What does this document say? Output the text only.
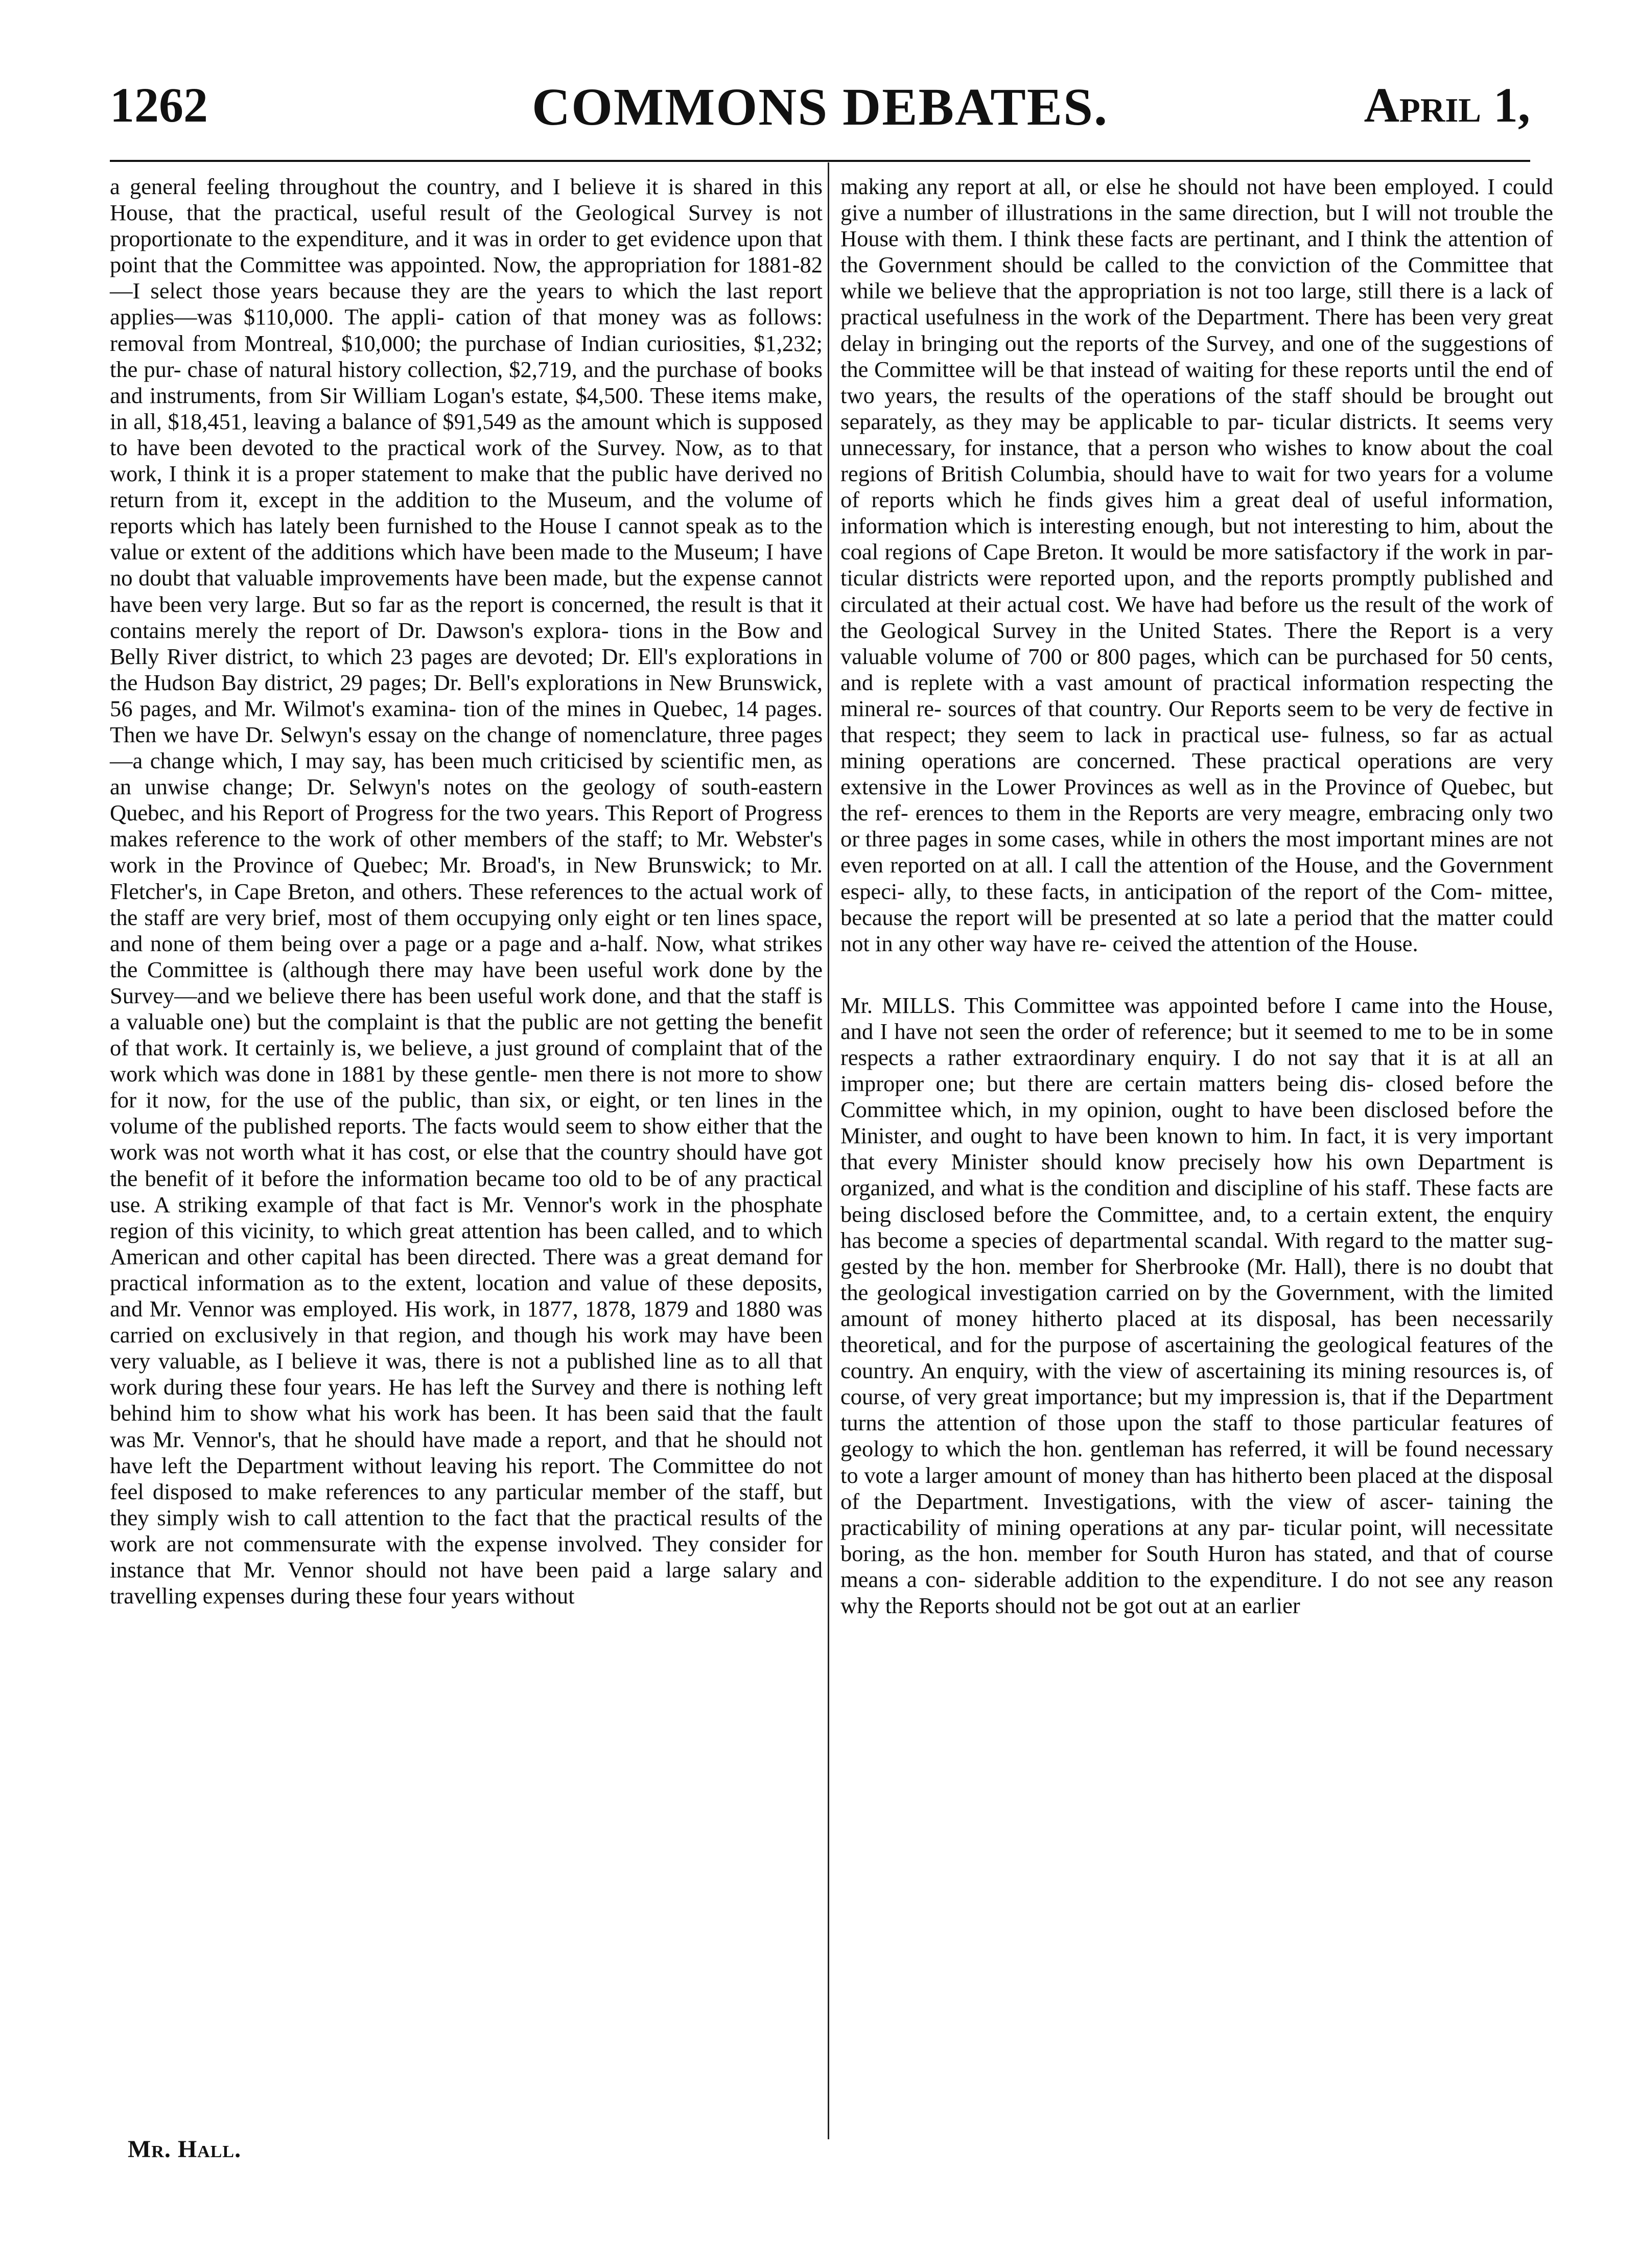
1262	COMMONS DEBATES.	April 1,

a general feeling throughout the country, and I believe it is shared in this House, that the practical, useful result of the Geological Survey is not proportionate to the expenditure, and it was in order to get evidence upon that point that the Committee was appointed. Now, the appropriation for 1881-82—I select those years because they are the years to which the last report applies—was $110,000. The appli- cation of that money was as follows: removal from Montreal, $10,000; the purchase of Indian curiosities, $1,232; the pur- chase of natural history collection, $2,719, and the purchase of books and instruments, from Sir William Logan's estate, $4,500. These items make, in all, $18,451, leaving a balance of $91,549 as the amount which is supposed to have been devoted to the practical work of the Survey. Now, as to that work, I think it is a proper statement to make that the public have derived no return from it, except in the addition to the Museum, and the volume of reports which has lately been furnished to the House I cannot speak as to the value or extent of the additions which have been made to the Museum; I have no doubt that valuable improvements have been made, but the expense cannot have been very large. But so far as the report is concerned, the result is that it contains merely the report of Dr. Dawson's explora- tions in the Bow and Belly River district, to which 23 pages are devoted; Dr. Ell's explorations in the Hudson Bay district, 29 pages; Dr. Bell's explorations in New Brunswick, 56 pages, and Mr. Wilmot's examina- tion of the mines in Quebec, 14 pages. Then we have Dr. Selwyn's essay on the change of nomenclature, three pages—a change which, I may say, has been much criticised by scientific men, as an unwise change; Dr. Selwyn's notes on the geology of south-eastern Quebec, and his Report of Progress for the two years. This Report of Progress makes reference to the work of other members of the staff; to Mr. Webster's work in the Province of Quebec; Mr. Broad's, in New Brunswick; to Mr. Fletcher's, in Cape Breton, and others. These references to the actual work of the staff are very brief, most of them occupying only eight or ten lines space, and none of them being over a page or a page and a-half. Now, what strikes the Committee is (although there may have been useful work done by the Survey—and we believe there has been useful work done, and that the staff is a valuable one) but the complaint is that the public are not getting the benefit of that work. It certainly is, we believe, a just ground of complaint that of the work which was done in 1881 by these gentle- men there is not more to show for it now, for the use of the public, than six, or eight, or ten lines in the volume of the published reports. The facts would seem to show either that the work was not worth what it has cost, or else that the country should have got the benefit of it before the information became too old to be of any practical use. A striking example of that fact is Mr. Vennor's work in the phosphate region of this vicinity, to which great attention has been called, and to which American and other capital has been directed. There was a great demand for practical information as to the extent, location and value of these deposits, and Mr. Vennor was employed. His work, in 1877, 1878, 1879 and 1880 was carried on exclusively in that region, and though his work may have been very valuable, as I believe it was, there is not a published line as to all that work during these four years. He has left the Survey and there is nothing left behind him to show what his work has been. It has been said that the fault was Mr. Vennor's, that he should have made a report, and that he should not have left the Department without leaving his report. The Committee do not feel disposed to make references to any particular member of the staff, but they simply wish to call attention to the fact that the practical results of the work are not commensurate with the expense involved. They consider for instance that Mr. Vennor should not have been paid a large salary and travelling expenses during these four years without

making any report at all, or else he should not have been employed. I could give a number of illustrations in the same direction, but I will not trouble the House with them. I think these facts are pertinant, and I think the attention of the Government should be called to the conviction of the Committee that while we believe that the appropriation is not too large, still there is a lack of practical usefulness in the work of the Department. There has been very great delay in bringing out the reports of the Survey, and one of the suggestions of the Committee will be that instead of waiting for these reports until the end of two years, the results of the operations of the staff should be brought out separately, as they may be applicable to par- ticular districts. It seems very unnecessary, for instance, that a person who wishes to know about the coal regions of British Columbia, should have to wait for two years for a volume of reports which he finds gives him a great deal of useful information, information which is interesting enough, but not interesting to him, about the coal regions of Cape Breton. It would be more satisfactory if the work in par- ticular districts were reported upon, and the reports promptly published and circulated at their actual cost. We have had before us the result of the work of the Geological Survey in the United States. There the Report is a very valuable volume of 700 or 800 pages, which can be purchased for 50 cents, and is replete with a vast amount of practical information respecting the mineral re- sources of that country. Our Reports seem to be very de fective in that respect; they seem to lack in practical use- fulness, so far as actual mining operations are concerned. These practical operations are very extensive in the Lower Provinces as well as in the Province of Quebec, but the ref- erences to them in the Reports are very meagre, embracing only two or three pages in some cases, while in others the most important mines are not even reported on at all. I call the attention of the House, and the Government especi- ally, to these facts, in anticipation of the report of the Com- mittee, because the report will be presented at so late a period that the matter could not in any other way have re- ceived the attention of the House.

Mr. MILLS. This Committee was appointed before I came into the House, and I have not seen the order of reference; but it seemed to me to be in some respects a rather extraordinary enquiry. I do not say that it is at all an improper one; but there are certain matters being dis- closed before the Committee which, in my opinion, ought to have been disclosed before the Minister, and ought to have been known to him. In fact, it is very important that every Minister should know precisely how his own Department is organized, and what is the condition and discipline of his staff. These facts are being disclosed before the Committee, and, to a certain extent, the enquiry has become a species of departmental scandal. With regard to the matter sug- gested by the hon. member for Sherbrooke (Mr. Hall), there is no doubt that the geological investigation carried on by the Government, with the limited amount of money hitherto placed at its disposal, has been necessarily theoretical, and for the purpose of ascertaining the geological features of the country. An enquiry, with the view of ascertaining its mining resources is, of course, of very great importance; but my impression is, that if the Department turns the attention of those upon the staff to those particular features of geology to which the hon. gentleman has referred, it will be found necessary to vote a larger amount of money than has hitherto been placed at the disposal of the Department. Investigations, with the view of ascer- taining the practicability of mining operations at any par- ticular point, will necessitate boring, as the hon. member for South Huron has stated, and that of course means a con- siderable addition to the expenditure. I do not see any reason why the Reports should not be got out at an earlier

Mr. Hall.
